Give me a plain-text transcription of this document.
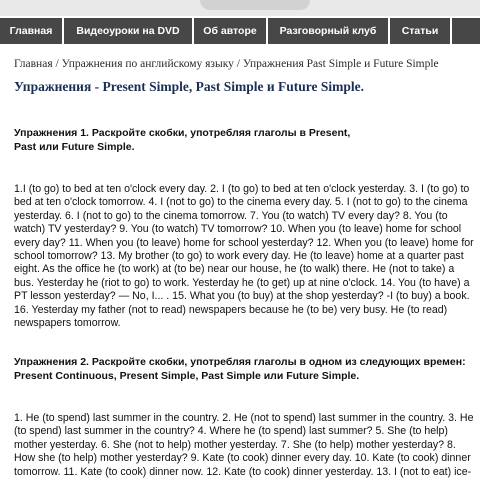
Главная	Видеоуроки на DVD	Об авторе	Разговорный клуб	Статьи
Главная / Упражнения по английскому языку / Упражнения Past Simple и Future Simple
Упражнения - Present Simple, Past Simple и Future Simple.
Упражнения 1. Раскройте скобки, употребляя глаголы в Present,
Past или Future Simple.
1.I (to go) to bed at ten o'clock every day. 2. I (to go) to bed at ten o'clock yesterday. 3. I (to go) to bed at ten o'clock tomorrow. 4. I (not to go) to the cinema every day. 5. I (not to go) to the cinema yesterday. 6. I (not to go) to the cinema tomorrow. 7. You (to watch) TV every day? 8. You (to watch) TV yesterday? 9. You (to watch) TV tomorrow? 10. When you (to leave) home for school every day? 11. When you (to leave) home for school yesterday? 12. When you (to leave) home for school tomorrow? 13. My brother (to go) to work every day. He (to leave) home at a quarter past eight. As the office he (to work) at (to be) near our house, he (to walk) there. He (not to take) a bus. Yesterday he (riot to go) to work. Yesterday he (to get) up at nine o'clock. 14. You (to have) a PT lesson yesterday? — No, I... . 15. What you (to buy) at the shop yesterday? -I (to buy) a book. 16. Yesterday my father (not to read) newspapers because he (to be) very busy. He (to read) newspapers tomorrow.
Упражнения 2. Раскройте скобки, употребляя глаголы в одном из следующих времен:
Present Continuous, Present Simple, Past Simple или Future Simple.
1. He (to spend) last summer in the country. 2. He (not to spend) last summer in the country. 3. He (to spend) last summer in the country? 4. Where he (to spend) last summer? 5. She (to help) mother yesterday. 6. She (not to help) mother yesterday. 7. She (to help) mother yesterday? 8. How she (to help) mother yesterday? 9. Kate (to cook) dinner every day. 10. Kate (to cook) dinner tomorrow. 11. Kate (to cook) dinner now. 12. Kate (to cook) dinner yesterday. 13. I (not to eat) ice-
